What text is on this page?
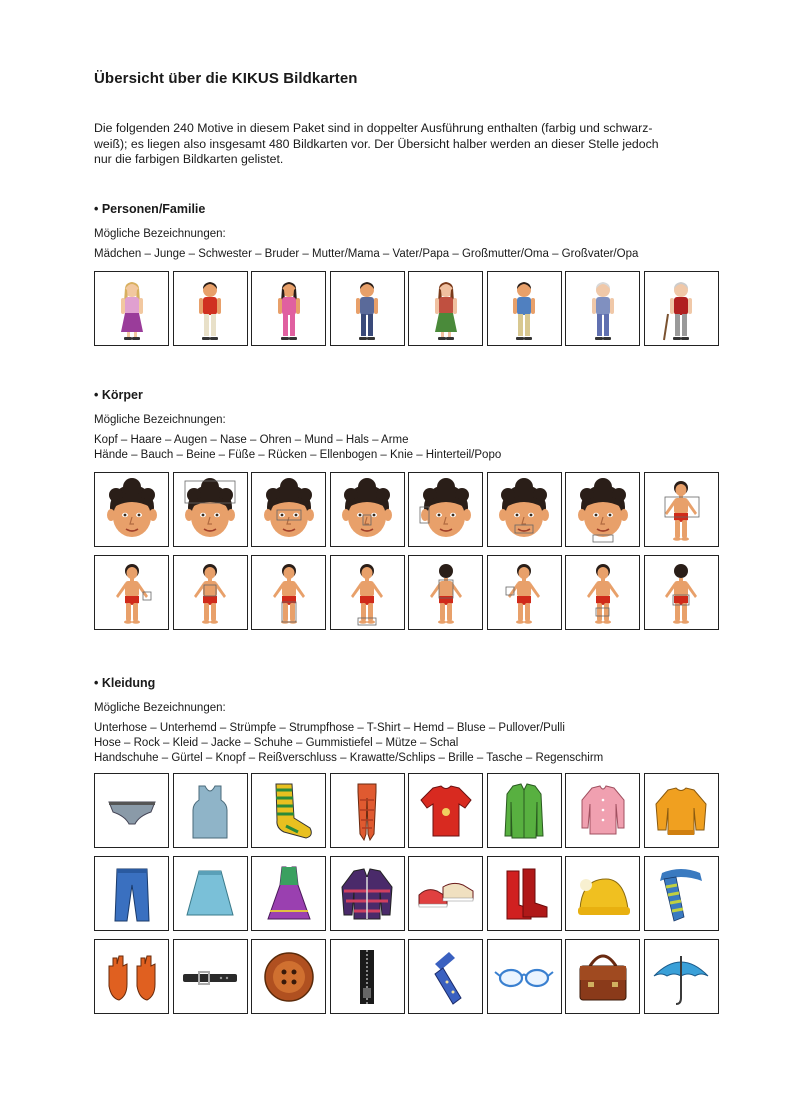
Übersicht über die KIKUS Bildkarten

Die folgenden 240 Motive in diesem Paket sind in doppelter Ausführung enthalten (farbig und schwarz-
weiß); es liegen also insgesamt 480 Bildkarten vor. Der Übersicht halber werden an dieser Stelle jedoch
nur die farbigen Bildkarten gelistet.

• Personen/Familie
Mögliche Bezeichnungen:
Mädchen – Junge – Schwester – Bruder – Mutter/Mama – Vater/Papa – Großmutter/Oma – Großvater/Opa
• Körper
Mögliche Bezeichnungen:
Kopf – Haare – Augen – Nase – Ohren – Mund – Hals – Arme
Hände – Bauch – Beine – Füße – Rücken – Ellenbogen – Knie – Hinterteil/Popo
• Kleidung
Mögliche Bezeichnungen:
Unterhose – Unterhemd – Strümpfe – Strumpfhose – T-Shirt – Hemd – Bluse – Pullover/Pulli
Hose – Rock – Kleid – Jacke – Schuhe – Gummistiefel – Mütze – Schal
Handschuhe – Gürtel – Knopf – Reißverschluss – Krawatte/Schlips – Brille – Tasche – Regenschirm
